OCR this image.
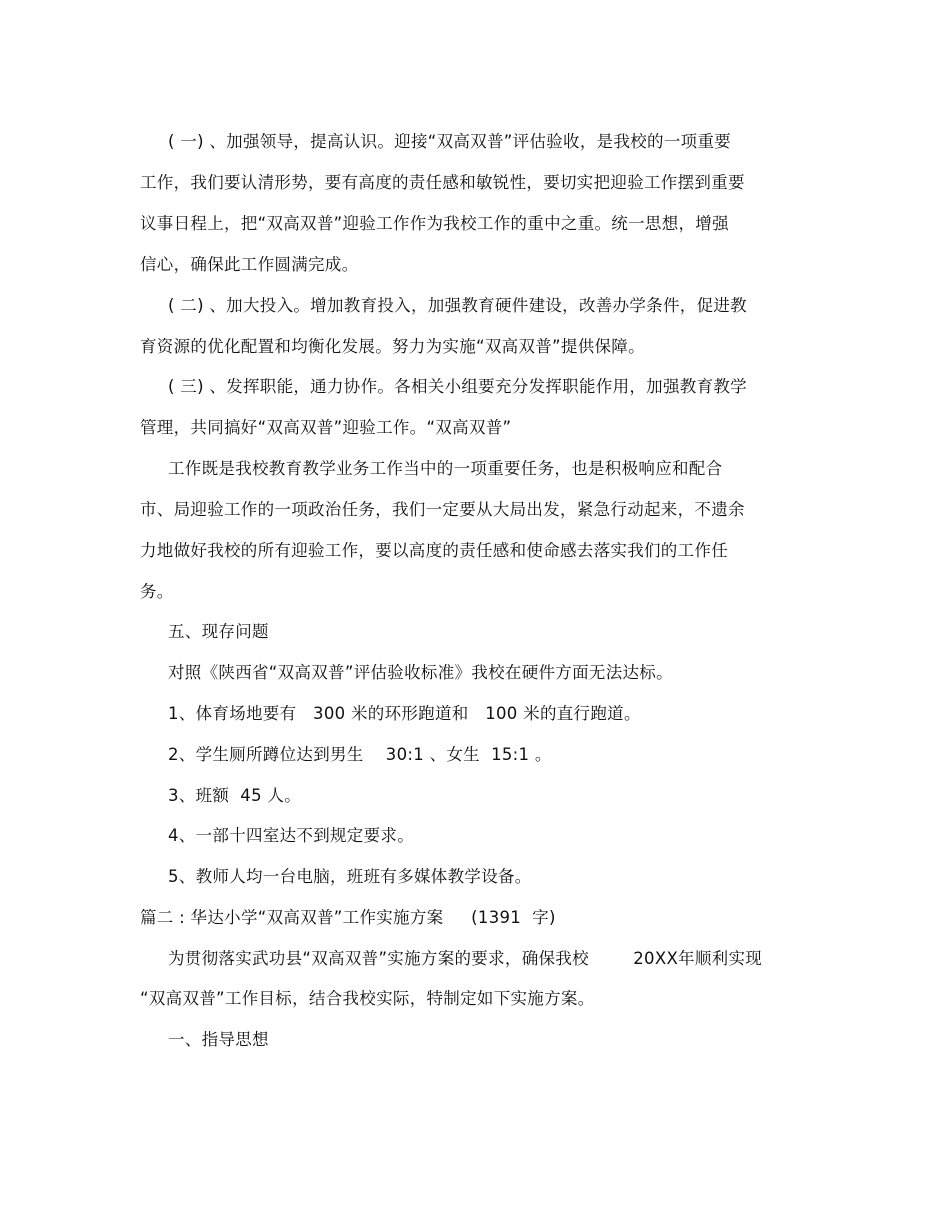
( 一) 、加强领导，提高认识。迎接“双高双普”评估验收，是我校的一项重要
工作，我们要认清形势，要有高度的责任感和敏锐性，要切实把迎验工作摆到重要
议事日程上，把“双高双普”迎验工作作为我校工作的重中之重。统一思想，增强
信心，确保此工作圆满完成。
( 二) 、加大投入。增加教育投入，加强教育硬件建设，改善办学条件，促进教
育资源的优化配置和均衡化发展。努力为实施“双高双普”提供保障。
( 三) 、发挥职能，通力协作。各相关小组要充分发挥职能作用，加强教育教学
管理，共同搞好“双高双普”迎验工作。“双高双普”
工作既是我校教育教学业务工作当中的一项重要任务，也是积极响应和配合
市、局迎验工作的一项政治任务，我们一定要从大局出发，紧急行动起来，不遗余
力地做好我校的所有迎验工作，要以高度的责任感和使命感去落实我们的工作任
务。
五、现存问题
对照《陕西省“双高双普”评估验收标准》我校在硬件方面无法达标。
1、体育场地要有   300 米的环形跑道和   100 米的直行跑道。
2、学生厕所蹲位达到男生    30:1 、女生  15:1 。
3、班额  45 人。
4、一部十四室达不到规定要求。
5、教师人均一台电脑，班班有多媒体教学设备。
篇二 : 华达小学“双高双普”工作实施方案     (1391  字)
为贯彻落实武功县“双高双普”实施方案的要求，确保我校        20XX年顺利实现
“双高双普”工作目标，结合我校实际，特制定如下实施方案。
一、指导思想
